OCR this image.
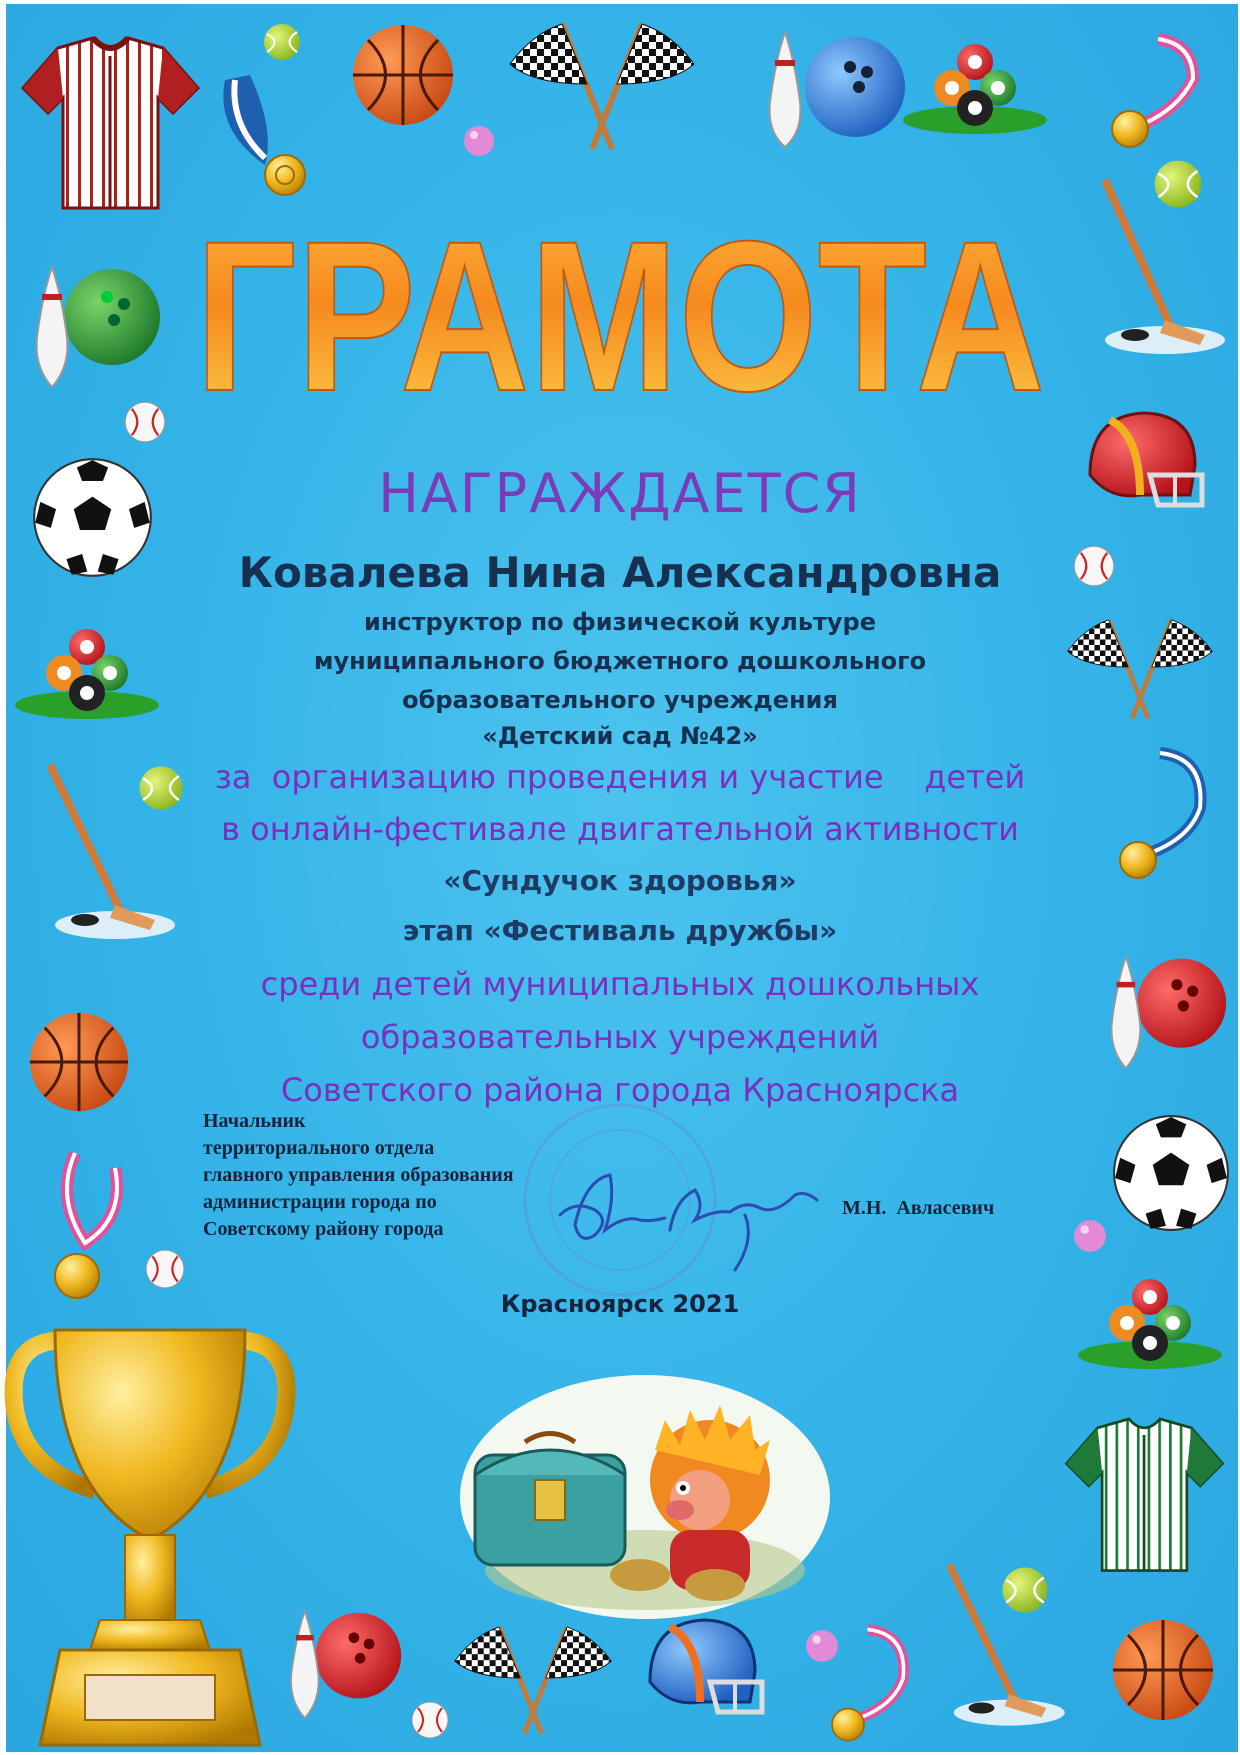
ГРАМОТА
НАГРАЖДАЕТСЯ
Ковалева Нина Александровна
инструктор по физической культуре
муниципального бюджетного дошкольного
образовательного учреждения
«Детский сад №42»
за  организацию проведения и участие    детей
в онлайн-фестивале двигательной активности
«Сундучок здоровья»
этап «Фестиваль дружбы»
среди детей муниципальных дошкольных
образовательных учреждений
Советского района города Красноярска
Начальник
территориального отдела
главного управления образования
администрации города по
Советскому району города
М.Н.  Авласевич
Красноярск 2021
